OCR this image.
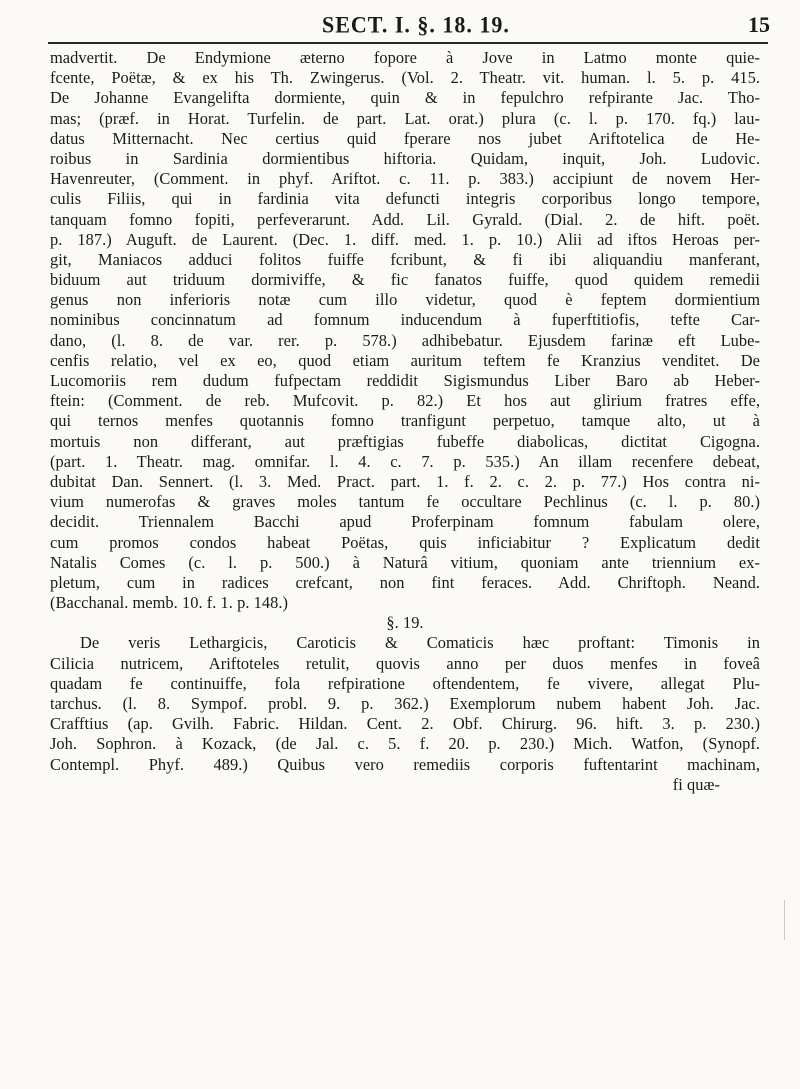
SECT. I. §. 18. 19.	15
madvertit. De Endymione æterno fopore à Jove in Latmo monte quie-
fcente, Poëtæ, & ex his Th. Zwingerus. (Vol. 2. Theatr. vit. human. l. 5. p. 415.
De Johanne Evangelifta dormiente, quin & in fepulchro refpirante Jac. Tho-
mas; (præf. in Horat. Turfelin. de part. Lat. orat.) plura (c. l. p. 170. fq.) lau-
datus Mitternacht. Nec certius quid fperare nos jubet Ariftotelica de He-
roibus in Sardinia dormientibus hiftoria. Quidam, inquit, Joh. Ludovic.
Havenreuter, (Comment. in phyf. Ariftot. c. 11. p. 383.) accipiunt de novem Her-
culis Filiis, qui in fardinia vita defuncti integris corporibus longo tempore,
tanquam fomno fopiti, perfeverarunt. Add. Lil. Gyrald. (Dial. 2. de hift. poët.
p. 187.) Auguft. de Laurent. (Dec. 1. diff. med. 1. p. 10.) Alii ad iftos Heroas per-
git, Maniacos adduci folitos fuiffe fcribunt, & fi ibi aliquandiu manferant,
biduum aut triduum dormiviffe, & fic fanatos fuiffe, quod quidem remedii
genus non inferioris notæ cum illo videtur, quod è feptem dormientium
nominibus concinnatum ad fomnum inducendum à fuperftitiofis, tefte Car-
dano, (l. 8. de var. rer. p. 578.) adhibebatur. Ejusdem farinæ eft Lube-
cenfis relatio, vel ex eo, quod etiam auritum teftem fe Kranzius venditet. De
Lucomoriis rem dudum fufpectam reddidit Sigismundus Liber Baro ab Heber-
ftein: (Comment. de reb. Mufcovit. p. 82.) Et hos aut glirium fratres effe,
qui ternos menfes quotannis fomno tranfigunt perpetuo, tamque alto, ut à
mortuis non differant, aut præftigias fubeffe diabolicas, dictitat Cigogna.
(part. 1. Theatr. mag. omnifar. l. 4. c. 7. p. 535.) An illam recenfere debeat,
dubitat Dan. Sennert. (l. 3. Med. Pract. part. 1. f. 2. c. 2. p. 77.) Hos contra ni-
vium numerofas & graves moles tantum fe occultare Pechlinus (c. l. p. 80.)
decidit. Triennalem Bacchi apud Proferpinam fomnum fabulam olere,
cum promos condos habeat Poëtas, quis inficiabitur ? Explicatum dedit
Natalis Comes (c. l. p. 500.) à Naturâ vitium, quoniam ante triennium ex-
pletum, cum in radices crefcant, non fint feraces. Add. Chriftoph. Neand.
(Bacchanal. memb. 10. f. 1. p. 148.)
§. 19.
De veris Lethargicis, Caroticis & Comaticis hæc proftant: Timonis in
Cilicia nutricem, Ariftoteles retulit, quovis anno per duos menfes in foveâ
quadam fe continuiffe, fola refpiratione oftendentem, fe vivere, allegat Plu-
tarchus. (l. 8. Sympof. probl. 9. p. 362.) Exemplorum nubem habent Joh. Jac.
Crafftius (ap. Gvilh. Fabric. Hildan. Cent. 2. Obf. Chirurg. 96. hift. 3. p. 230.)
Joh. Sophron. à Kozack, (de Jal. c. 5. f. 20. p. 230.) Mich. Watfon, (Synopf.
Contempl. Phyf. 489.) Quibus vero remediis corporis fuftentarint machinam,
fi quæ-
